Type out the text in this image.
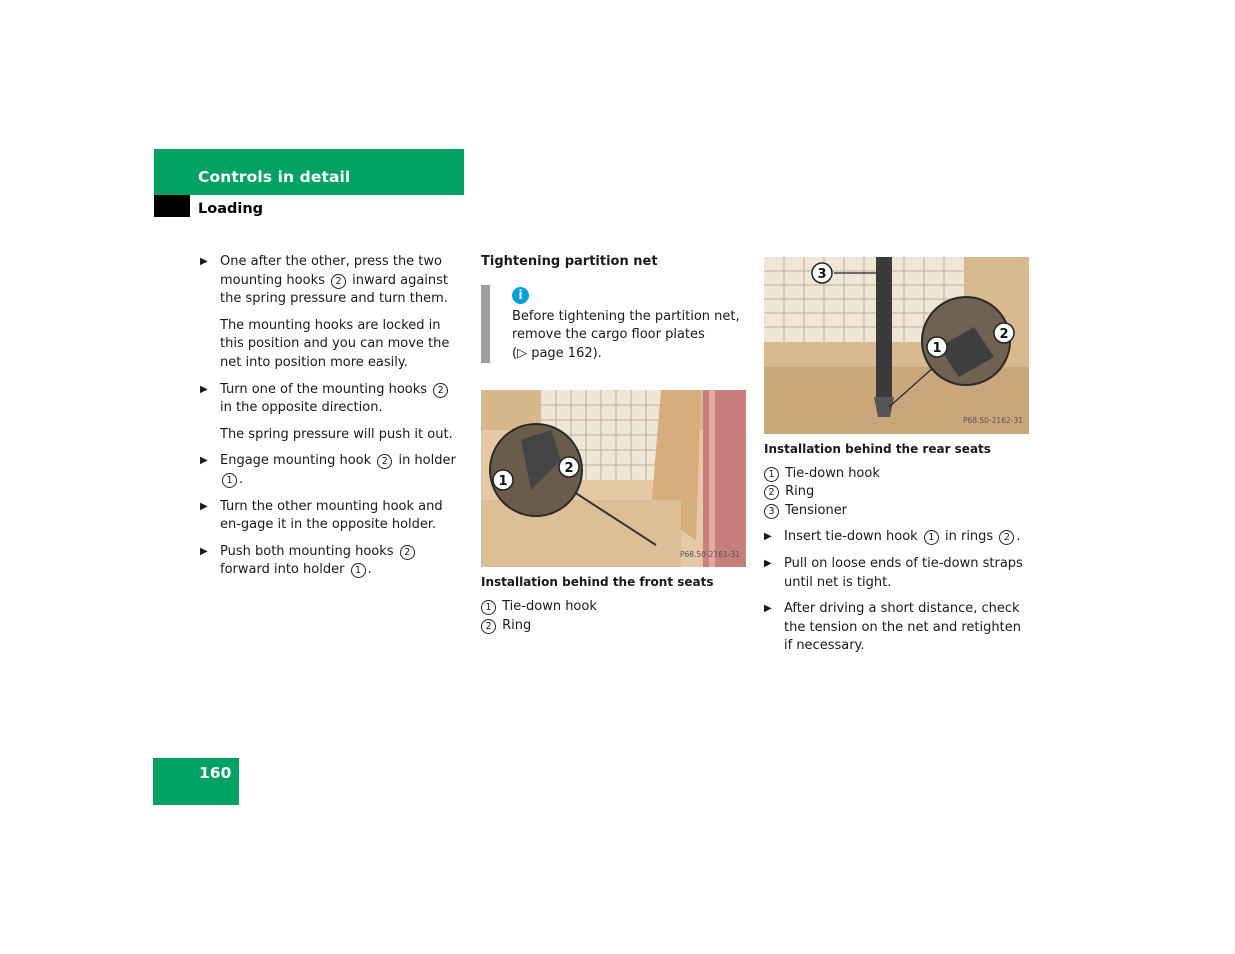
Controls in detail
Loading
▶ One after the other, press the two mounting hooks 2 inward against the spring pressure and turn them.
The mounting hooks are locked in this position and you can move the net into position more easily.
▶ Turn one of the mounting hooks 2 in the opposite direction.
The spring pressure will push it out.
▶ Engage mounting hook 2 in holder 1 .
▶ Turn the other mounting hook and en-gage it in the opposite holder.
▶ Push both mounting hooks 2 forward into holder 1 .
Tightening partition net
i
Before tightening the partition net, remove the cargo floor plates
(▷ page 162).
1
2
P68.50-2161-31
Installation behind the front seats
1 Tie-down hook
2 Ring
3
1
2
P68.50-2162-31
Installation behind the rear seats
1 Tie-down hook
2 Ring
3 Tensioner
▶ Insert tie-down hook 1 in rings 2 .
▶ Pull on loose ends of tie-down straps until net is tight.
▶ After driving a short distance, check the tension on the net and retighten if necessary.
160
